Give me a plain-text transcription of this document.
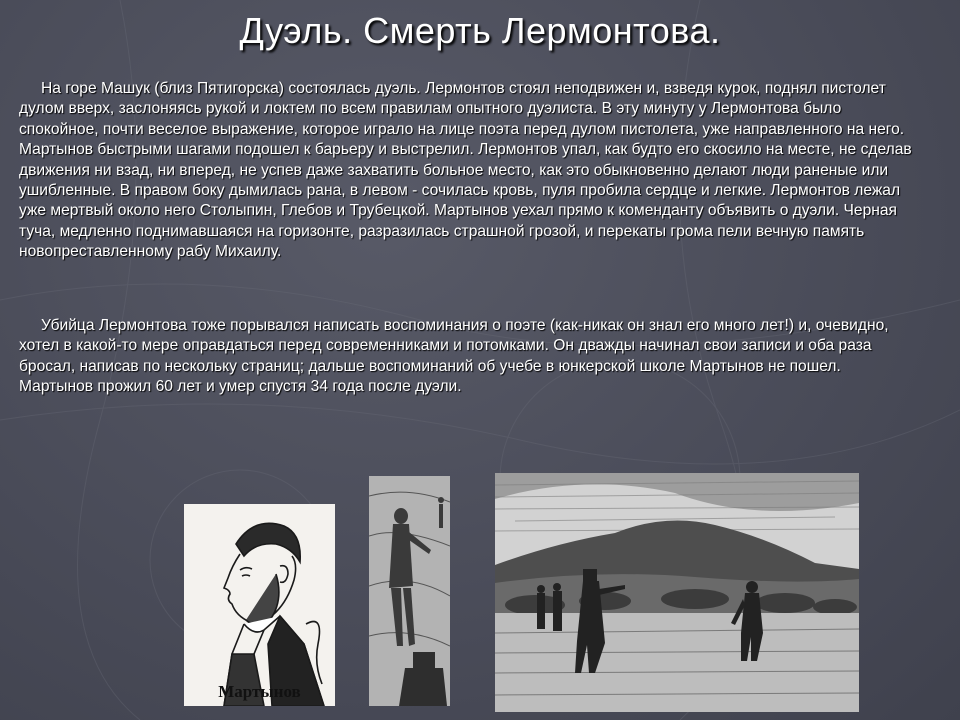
Дуэль. Смерть Лермонтова.

На горе Машук (близ Пятигорска) состоялась дуэль. Лермонтов стоял неподвижен и, взведя курок, поднял пистолет дулом вверх, заслоняясь рукой и локтем по всем правилам опытного дуэлиста. В эту минуту у Лермонтова было спокойное, почти веселое выражение, которое играло на лице поэта перед дулом пистолета, уже направленного на него. Мартынов быстрыми шагами подошел к барьеру и выстрелил. Лермонтов упал, как будто его скосило на месте, не сделав движения ни взад, ни вперед, не успев даже захватить больное место, как это обыкновенно делают люди раненые или ушибленные. В правом боку дымилась рана, в левом - сочилась кровь, пуля пробила сердце и легкие. Лермонтов лежал уже мертвый около него Столыпин, Глебов и Трубецкой. Мартынов уехал прямо к коменданту объявить о дуэли. Черная туча, медленно поднимавшаяся на горизонте, разразилась страшной грозой, и перекаты грома пели вечную память новопреставленному рабу Михаилу.

Убийца Лермонтова тоже порывался написать воспоминания о поэте (как-никак он знал его много лет!) и, очевидно, хотел в какой-то мере оправдаться перед современниками и потомками. Он дважды начинал свои записи и оба раза бросал, написав по нескольку страниц; дальше воспоминаний об учебе в юнкерской школе Мартынов не пошел. Мартынов прожил 60 лет и умер спустя 34 года после дуэли.

Мартынов
